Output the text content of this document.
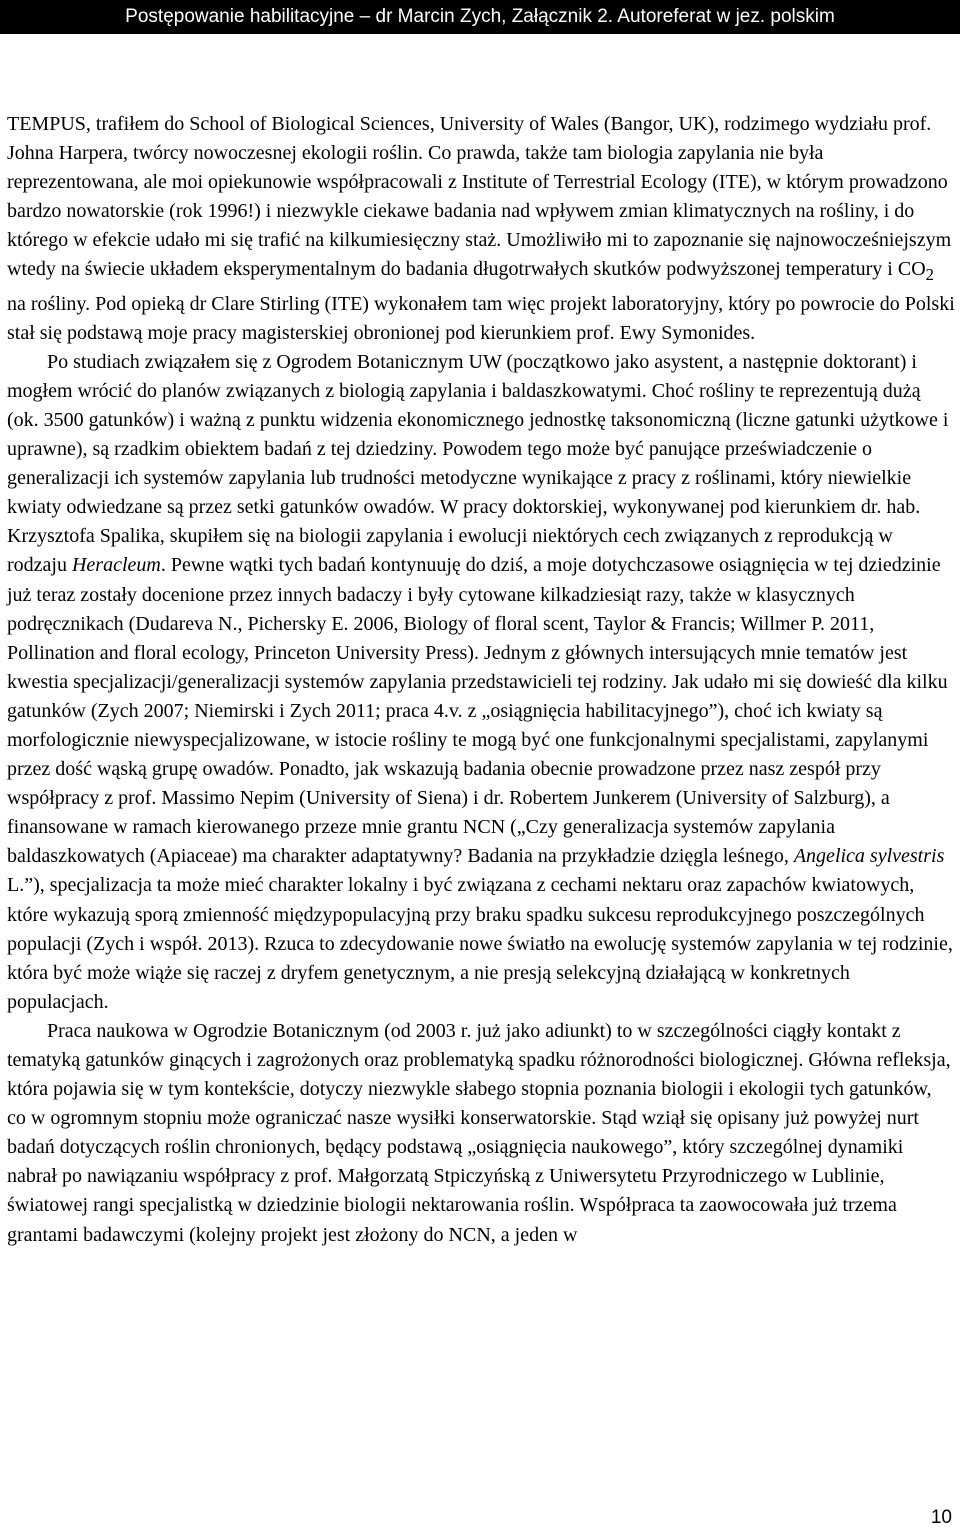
Postępowanie habilitacyjne – dr Marcin Zych, Załącznik 2. Autoreferat w jez. polskim

TEMPUS, trafiłem do School of Biological Sciences, University of Wales (Bangor, UK), rodzimego wydziału prof. Johna Harpera, twórcy nowoczesnej ekologii roślin. Co prawda, także tam biologia zapylania nie była reprezentowana, ale moi opiekunowie współpracowali z Institute of Terrestrial Ecology (ITE), w którym prowadzono bardzo nowatorskie (rok 1996!) i niezwykle ciekawe badania nad wpływem zmian klimatycznych na rośliny, i do którego w efekcie udało mi się trafić na kilkumiesięczny staż. Umożliwiło mi to zapoznanie się najnowocześniejszym wtedy na świecie układem eksperymentalnym do badania długotrwałych skutków podwyższonej temperatury i $CO_2$ na rośliny. Pod opieką dr Clare Stirling (ITE) wykonałem tam więc projekt laboratoryjny, który po powrocie do Polski stał się podstawą moje pracy magisterskiej obronionej pod kierunkiem prof. Ewy Symonides.

Po studiach związałem się z Ogrodem Botanicznym UW (początkowo jako asystent, a następnie doktorant) i mogłem wrócić do planów związanych z biologią zapylania i baldaszkowatymi. Choć rośliny te reprezentują dużą (ok. 3500 gatunków) i ważną z punktu widzenia ekonomicznego jednostkę taksonomiczną (liczne gatunki użytkowe i uprawne), są rzadkim obiektem badań z tej dziedziny. Powodem tego może być panujące przeświadczenie o generalizacji ich systemów zapylania lub trudności metodyczne wynikające z pracy z roślinami, który niewielkie kwiaty odwiedzane są przez setki gatunków owadów. W pracy doktorskiej, wykonywanej pod kierunkiem dr. hab. Krzysztofa Spalika, skupiłem się na biologii zapylania i ewolucji niektórych cech związanych z reprodukcją w rodzaju Heracleum. Pewne wątki tych badań kontynuuję do dziś, a moje dotychczasowe osiągnięcia w tej dziedzinie już teraz zostały docenione przez innych badaczy i były cytowane kilkadziesiąt razy, także w klasycznych podręcznikach (Dudareva N., Pichersky E. 2006, Biology of floral scent, Taylor & Francis; Willmer P. 2011, Pollination and floral ecology, Princeton University Press). Jednym z głównych intersujących mnie tematów jest kwestia specjalizacji/generalizacji systemów zapylania przedstawicieli tej rodziny. Jak udało mi się dowieść dla kilku gatunków (Zych 2007; Niemirski i Zych 2011; praca 4.v. z „osiągnięcia habilitacyjnego”), choć ich kwiaty są morfologicznie niewyspecjalizowane, w istocie rośliny te mogą być one funkcjonalnymi specjalistami, zapylanymi przez dość wąską grupę owadów. Ponadto, jak wskazują badania obecnie prowadzone przez nasz zespół przy współpracy z prof. Massimo Nepim (University of Siena) i dr. Robertem Junkerem (University of Salzburg), a finansowane w ramach kierowanego przeze mnie grantu NCN („Czy generalizacja systemów zapylania baldaszkowatych (Apiaceae) ma charakter adaptatywny? Badania na przykładzie dzięgla leśnego, Angelica sylvestris L.”), specjalizacja ta może mieć charakter lokalny i być związana z cechami nektaru oraz zapachów kwiatowych, które wykazują sporą zmienność międzypopulacyjną przy braku spadku sukcesu reprodukcyjnego poszczególnych populacji (Zych i współ. 2013). Rzuca to zdecydowanie nowe światło na ewolucję systemów zapylania w tej rodzinie, która być może wiąże się raczej z dryfem genetycznym, a nie presją selekcyjną działającą w konkretnych populacjach.

Praca naukowa w Ogrodzie Botanicznym (od 2003 r. już jako adiunkt) to w szczególności ciągły kontakt z tematyką gatunków ginących i zagrożonych oraz problematyką spadku różnorodności biologicznej. Główna refleksja, która pojawia się w tym kontekście, dotyczy niezwykle słabego stopnia poznania biologii i ekologii tych gatunków, co w ogromnym stopniu może ograniczać nasze wysiłki konserwatorskie. Stąd wziął się opisany już powyżej nurt badań dotyczących roślin chronionych, będący podstawą „osiągnięcia naukowego”, który szczególnej dynamiki nabrał po nawiązaniu współpracy z prof. Małgorzatą Stpiczyńską z Uniwersytetu Przyrodniczego w Lublinie, światowej rangi specjalistką w dziedzinie biologii nektarowania roślin. Współpraca ta zaowocowała już trzema grantami badawczymi (kolejny projekt jest złożony do NCN, a jeden w

10
